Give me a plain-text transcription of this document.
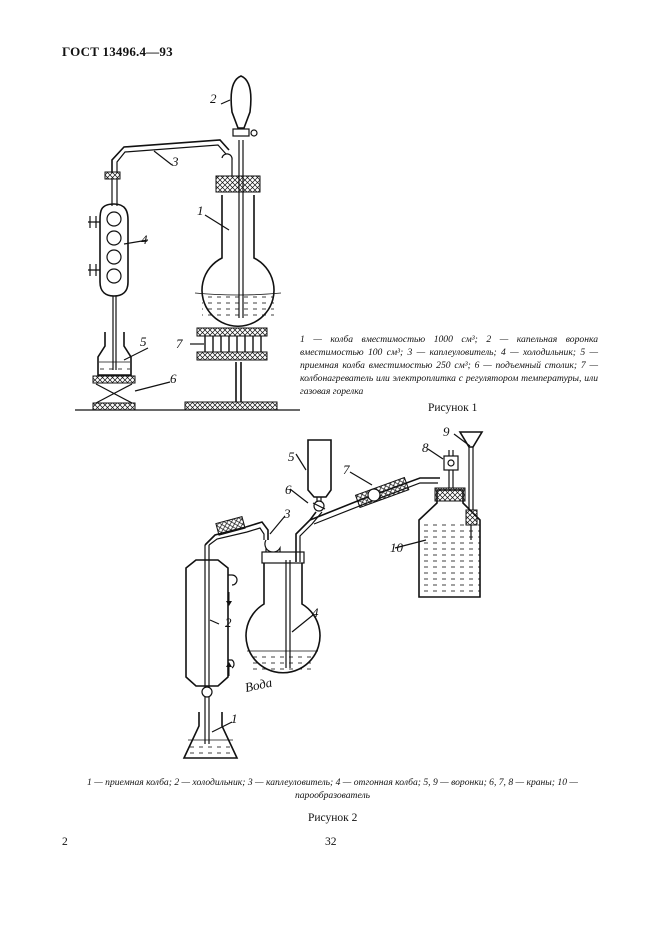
ГОСТ 13496.4—93
2
3
1
4
5 7
6
5
6
3
7
8
9
10
4
2
1
Вода
1 — колба вместимостью 1000 см³; 2 — капельная воронка вместимостью 100 см³; 3 — каплеуловитель; 4 — холодильник; 5 — приемная колба вместимостью 250 см³; 6 — подъемный столик; 7 — колбонагреватель или электроплитка с регулятором температуры, или газовая горелка
Рисунок 1
1 — приемная колба; 2 — холодильник; 3 — каплеуловитель; 4 — отгонная колба; 5, 9 — воронки; 6, 7, 8 — краны; 10 — парообразователь
Рисунок 2
2	32
